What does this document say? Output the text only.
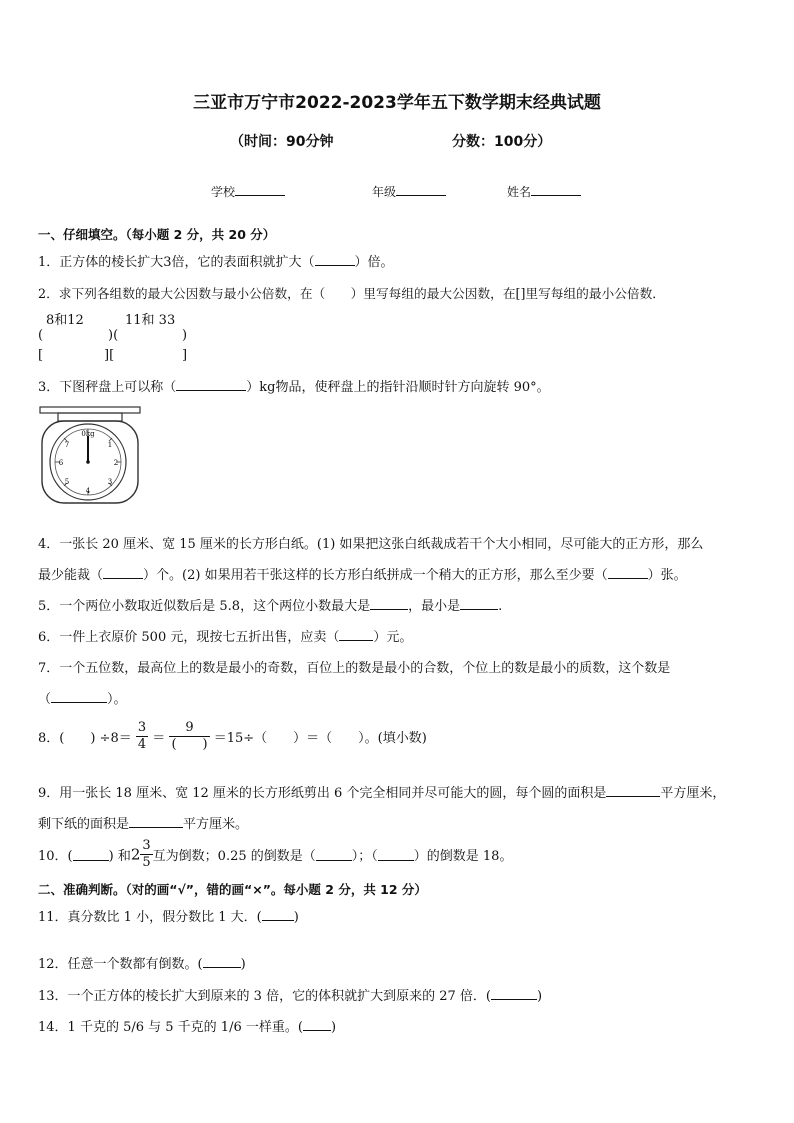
三亚市万宁市2022-2023学年五下数学期末经典试题
（时间：90分钟	分数：100分）
学校	年级	姓名
一、仔细填空。（每小题 2 分，共 20 分）
1．正方体的棱长扩大3倍，它的表面积就扩大（	）倍。
2．求下列各组数的最大公因数与最小公倍数，在（　　）里写每组的最大公因数，在[]里写每组的最小公倍数．
8和12	11和 33
(	)(	)
[	][	]
3．下图秤盘上可以称（	）kg物品，使秤盘上的指针沿顺时针方向旋转 90°。
0kg
1
2
3
4
5
6
7
4．一张长 20 厘米、宽 15 厘米的长方形白纸。(1) 如果把这张白纸裁成若干个大小相同，尽可能大的正方形，那么
最少能裁（	）个。(2) 如果用若干张这样的长方形白纸拼成一个稍大的正方形，那么至少要（	）张。
5．一个两位小数取近似数后是 5.8，这个两位小数最大是	，最小是	.
6．一件上衣原价 500 元，现按七五折出售，应卖（	）元。
7．一个五位数，最高位上的数是最小的奇数，百位上的数是最小的合数，个位上的数是最小的质数，这个数是
（	）。
8．(　　) $\div 8= \frac{3}{4} = \frac{9}{( )} =15\div$（　　）＝（　　）。(填小数)
9．用一张长 18 厘米、宽 12 厘米的长方形纸剪出 6 个完全相同并尽可能大的圆，每个圆的面积是	平方厘米，
剩下纸的面积是	平方厘米。
10．(	) 和$2 \frac{3}{5}$ 互为倒数；0.25 的倒数是（	）；（	）的倒数是 18。
二、准确判断。（对的画“√”，错的画“×”。每小题 2 分，共 12 分）
11．真分数比 1 小，假分数比 1 大．( )
12．任意一个数都有倒数。(	)
13．一个正方体的棱长扩大到原来的 3 倍，它的体积就扩大到原来的 27 倍．(	)
14．1 千克的 5/6 与 5 千克的 1/6 一样重。( )
